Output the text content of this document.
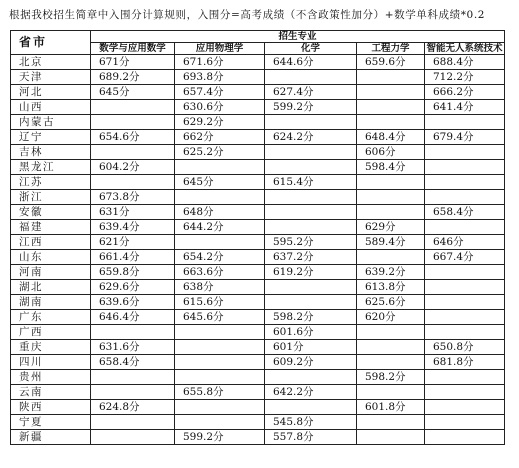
根据我校招生简章中入围分计算规则，入围分=高考成绩（不含政策性加分）+数学单科成绩*0.2
省市	招生专业				
	数学与应用数学	应用物理学	化学	工程力学	智能无人系统技术
北京	671分	671.6分	644.6分	659.6分	688.4分
天津	689.2分	693.8分			712.2分
河北	645分	657.4分	627.4分		666.2分
山西		630.6分	599.2分		641.4分
内蒙古		629.2分			
辽宁	654.6分	662分	624.2分	648.4分	679.4分
吉林		625.2分		606分	
黑龙江	604.2分			598.4分	
江苏		645分	615.4分		
浙江	673.8分				
安徽	631分	648分			658.4分
福建	639.4分	644.2分		629分	
江西	621分		595.2分	589.4分	646分
山东	661.4分	654.2分	637.2分		667.4分
河南	659.8分	663.6分	619.2分	639.2分	
湖北	629.6分	638分		613.8分	
湖南	639.6分	615.6分		625.6分	
广东	646.4分	645.6分	598.2分	620分	
广西			601.6分		
重庆	631.6分		601分		650.8分
四川	658.4分		609.2分		681.8分
贵州				598.2分	
云南		655.8分	642.2分		
陕西	624.8分			601.8分	
宁夏			545.8分		
新疆		599.2分	557.8分		
